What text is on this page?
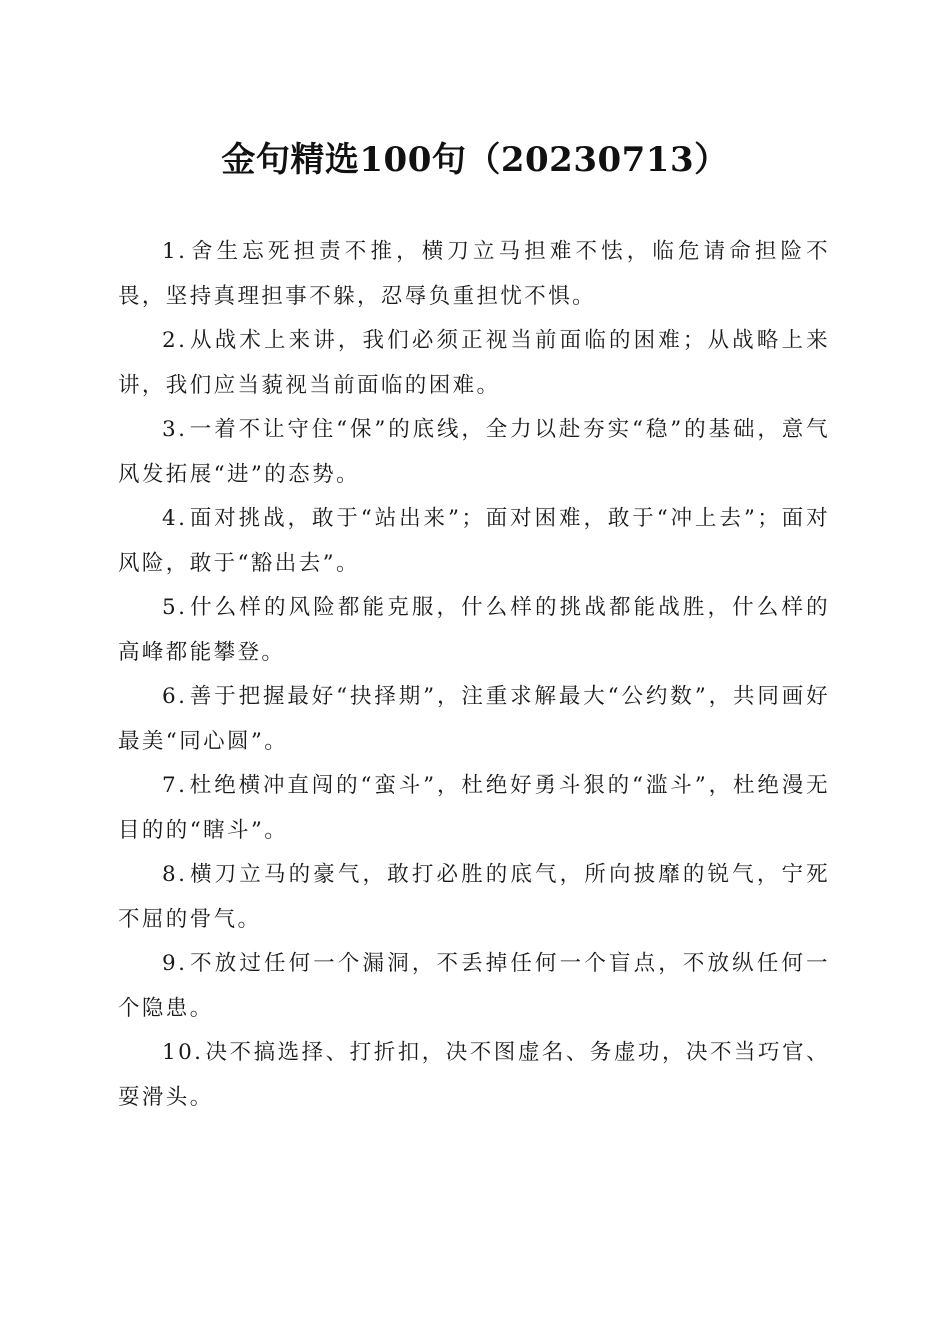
金句精选100句（20230713）

1.舍生忘死担责不推，横刀立马担难不怯，临危请命担险不畏，坚持真理担事不躲，忍辱负重担忧不惧。

2.从战术上来讲，我们必须正视当前面临的困难；从战略上来讲，我们应当藐视当前面临的困难。

3.一着不让守住“保”的底线，全力以赴夯实“稳”的基础，意气风发拓展“进”的态势。

4.面对挑战，敢于“站出来”；面对困难，敢于“冲上去”；面对风险，敢于“豁出去”。

5.什么样的风险都能克服，什么样的挑战都能战胜，什么样的高峰都能攀登。

6.善于把握最好“抉择期”，注重求解最大“公约数”，共同画好最美“同心圆”。

7.杜绝横冲直闯的“蛮斗”，杜绝好勇斗狠的“滥斗”，杜绝漫无目的的“瞎斗”。

8.横刀立马的豪气，敢打必胜的底气，所向披靡的锐气，宁死不屈的骨气。

9.不放过任何一个漏洞，不丢掉任何一个盲点，不放纵任何一个隐患。

10.决不搞选择、打折扣，决不图虚名、务虚功，决不当巧官、耍滑头。
